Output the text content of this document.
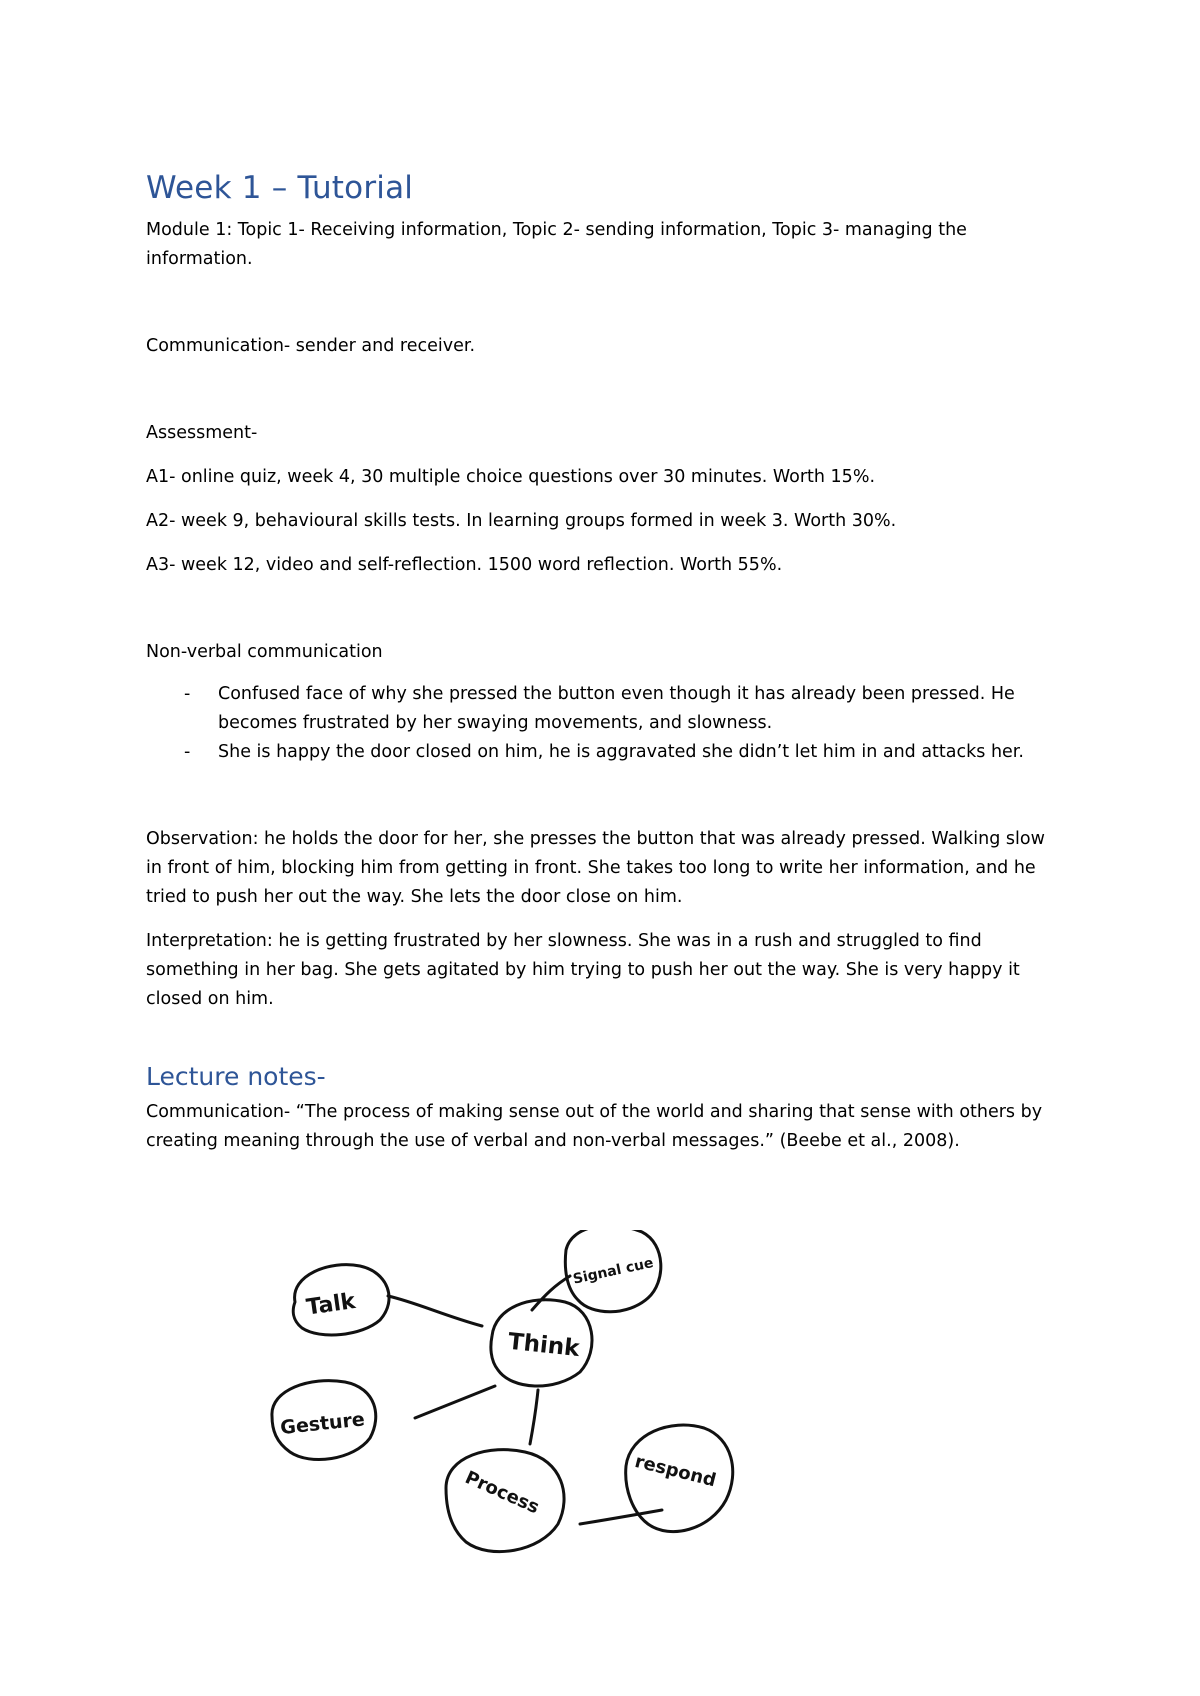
Week 1 – Tutorial

Module 1: Topic 1- Receiving information, Topic 2- sending information, Topic 3- managing the information.

Communication- sender and receiver.

Assessment-

A1- online quiz, week 4, 30 multiple choice questions over 30 minutes. Worth 15%.

A2- week 9, behavioural skills tests. In learning groups formed in week 3. Worth 30%.

A3- week 12, video and self-reflection. 1500 word reflection. Worth 55%.

Non-verbal communication

- Confused face of why she pressed the button even though it has already been pressed. He becomes frustrated by her swaying movements, and slowness.
- She is happy the door closed on him, he is aggravated she didn’t let him in and attacks her.

Observation: he holds the door for her, she presses the button that was already pressed. Walking slow in front of him, blocking him from getting in front. She takes too long to write her information, and he tried to push her out the way. She lets the door close on him.

Interpretation: he is getting frustrated by her slowness. She was in a rush and struggled to find something in her bag. She gets agitated by him trying to push her out the way. She is very happy it closed on him.

Lecture notes-

Communication- “The process of making sense out of the world and sharing that sense with others by creating meaning through the use of verbal and non-verbal messages.” (Beebe et al., 2008).

Talk
Think
Signal cue
Gesture
Process	respond
